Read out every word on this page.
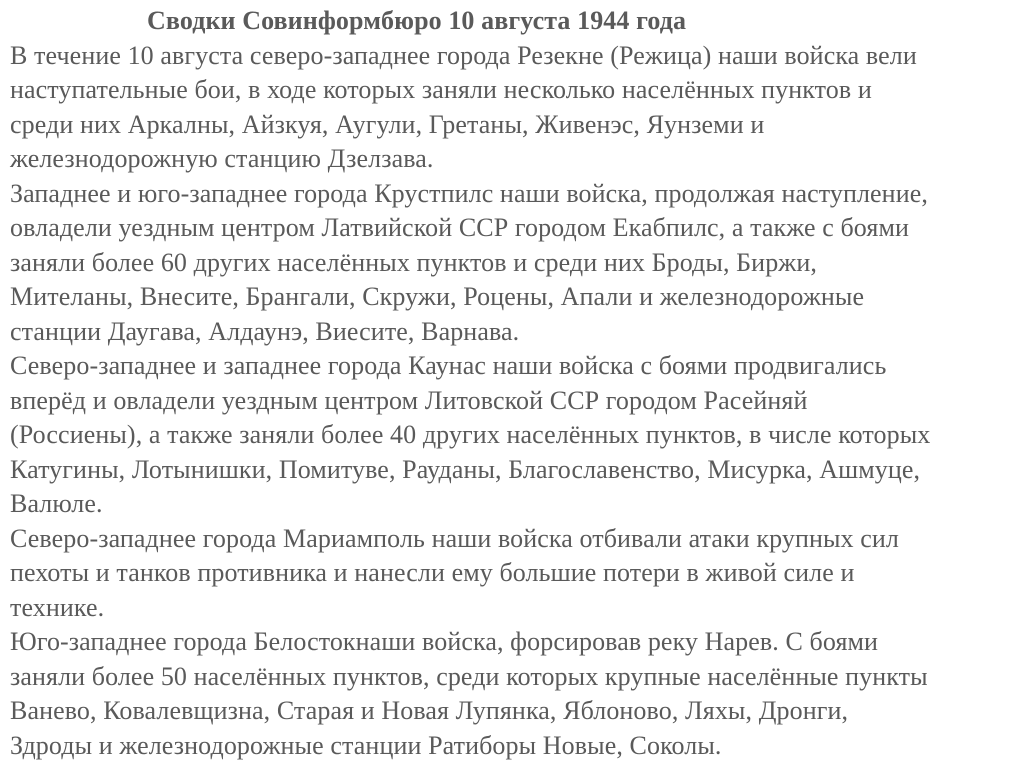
Сводки Совинформбюро 10 августа 1944 года

В течение 10 августа северо-западнее города Резекне (Режица) наши войска вели
наступательные бои, в ходе которых заняли несколько населённых пунктов и
среди них Аркалны, Айзкуя, Аугули, Гретаны, Живенэс, Яунземи и
железнодорожную станцию Дзелзава.

Западнее и юго-западнее города Крустпилс наши войска, продолжая наступление,
овладели уездным центром Латвийской ССР городом Екабпилс, а также с боями
заняли более 60 других населённых пунктов и среди них Броды, Биржи,
Мителаны, Внесите, Брангали, Скружи, Роцены, Апали и железнодорожные
станции Даугава, Алдаунэ, Виесите, Варнава.

Северо-западнее и западнее города Каунас наши войска с боями продвигались
вперёд и овладели уездным центром Литовской ССР городом Расейняй
(Россиены), а также заняли более 40 других населённых пунктов, в числе которых
Катугины, Лотынишки, Помитуве, Рауданы, Благославенство, Мисурка, Ашмуце,
Валюле.

Северо-западнее города Мариамполь наши войска отбивали атаки крупных сил
пехоты и танков противника и нанесли ему большие потери в живой силе и
технике.

Юго-западнее города Белостокнаши войска, форсировав реку Нарев. С боями
заняли более 50 населённых пунктов, среди которых крупные населённые пункты
Ванево, Ковалевщизна, Старая и Новая Лупянка, Яблоново, Ляхы, Дронги,
Здроды и железнодорожные станции Ратиборы Новые, Соколы.
